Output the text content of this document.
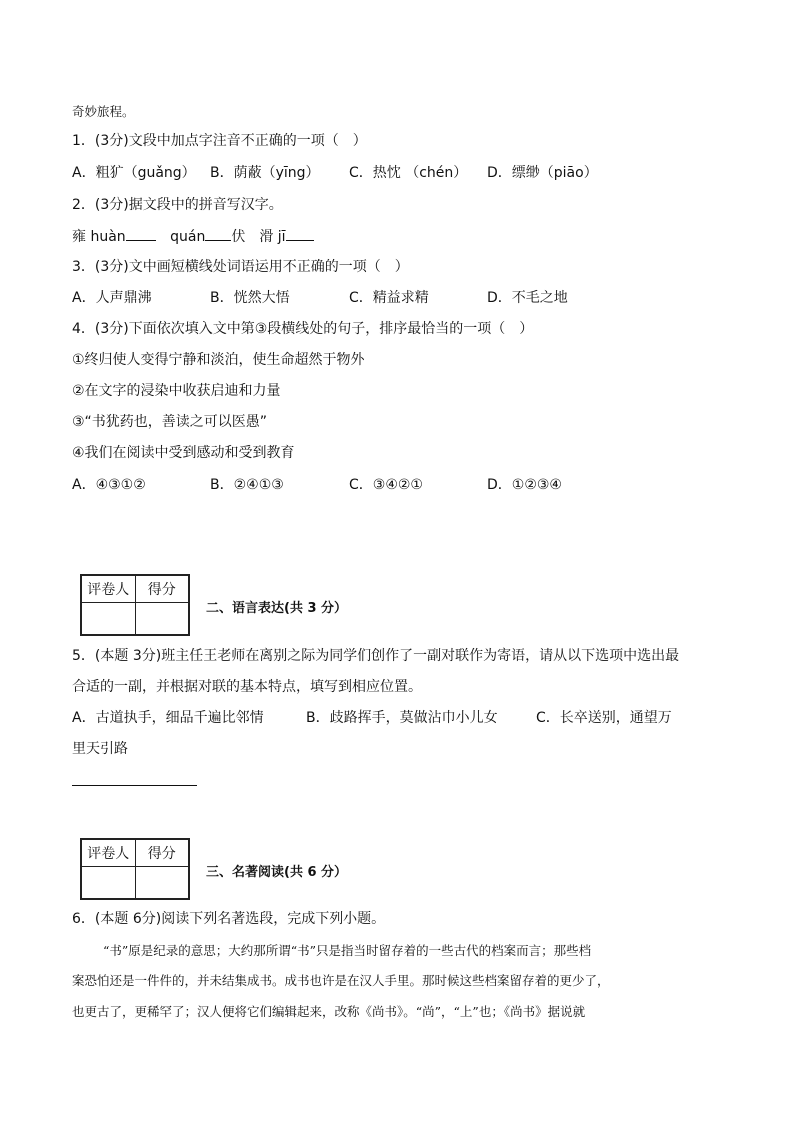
奇妙旅程。
1．(3分)文段中加点字注音不正确的一项（　）
A．粗犷（guǎng） B．荫蔽（yīng） C．热忱 （chén） D．缥缈（piāo）
2．(3分)据文段中的拼音写汉字。
雍 huàn	quán 伏　滑 jī
3．(3分)文中画短横线处词语运用不正确的一项（　）
A．人声鼎沸	B．恍然大悟	C．精益求精	D．不毛之地
4．(3分)下面依次填入文中第③段横线处的句子，排序最恰当的一项（　）
①终归使人变得宁静和淡泊，使生命超然于物外
②在文字的浸染中收获启迪和力量
③“书犹药也，善读之可以医愚”
④我们在阅读中受到感动和受到教育
A．④③①②	B．②④①③	C．③④②①	D．①②③④
评卷人	得分

二、语言表达(共 3 分）
5．(本题 3分)班主任王老师在离别之际为同学们创作了一副对联作为寄语，请从以下选项中选出最
合适的一副，并根据对联的基本特点，填写到相应位置。
A．古道执手，细品千遍比邻情	B．歧路挥手，莫做沾巾小儿女	C．长卒送别，通望万
里天引路
评卷人	得分

三、名著阅读(共 6 分）
6．(本题 6分)阅读下列名著选段，完成下列小题。
“书”原是纪录的意思；大约那所谓“书”只是指当时留存着的一些古代的档案而言；那些档
案恐怕还是一件件的，并未结集成书。成书也许是在汉人手里。那时候这些档案留存着的更少了，
也更古了，更稀罕了；汉人便将它们编辑起来，改称《尚书》。“尚”，“上”也；《尚书》据说就
